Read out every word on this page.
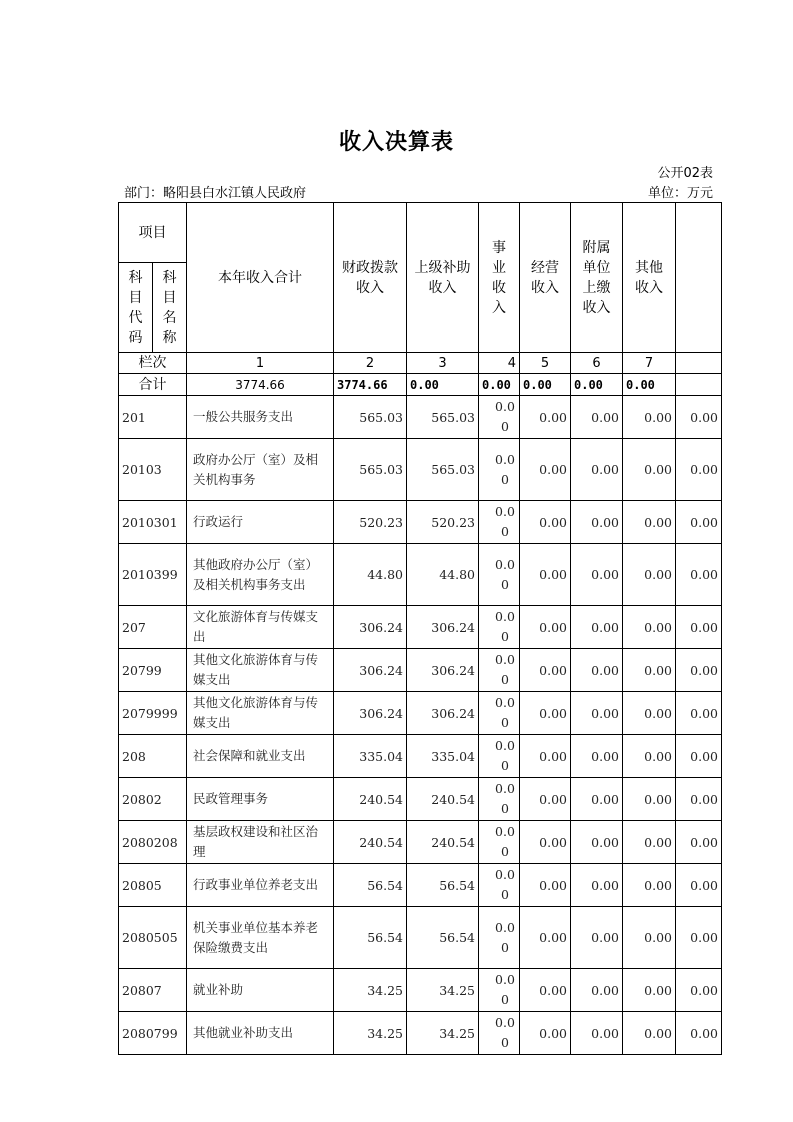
收入决算表
公开02表
部门：略阳县白水江镇人民政府	单位：万元
项目		本年收入合计	财政拨款收入	上级补助收入	事业收入	经营收入	附属单位上缴收入	其他收入	
科目代码	科目名称								
栏次		1	2	3	4	5	6	7	
合计		3774.66	3774.66	0.00	0.00	0.00	0.00	0.00	
201		一般公共服务支出	565.03	565.03	0.00	0.00	0.00	0.00	0.00
20103		政府办公厅（室）及相关机构事务	565.03	565.03	0.00	0.00	0.00	0.00	0.00
2010301		行政运行	520.23	520.23	0.00	0.00	0.00	0.00	0.00
2010399		其他政府办公厅（室）及相关机构事务支出	44.80	44.80	0.00	0.00	0.00	0.00	0.00
207		文化旅游体育与传媒支出	306.24	306.24	0.00	0.00	0.00	0.00	0.00
20799		其他文化旅游体育与传媒支出	306.24	306.24	0.00	0.00	0.00	0.00	0.00
2079999		其他文化旅游体育与传媒支出	306.24	306.24	0.00	0.00	0.00	0.00	0.00
208		社会保障和就业支出	335.04	335.04	0.00	0.00	0.00	0.00	0.00
20802		民政管理事务	240.54	240.54	0.00	0.00	0.00	0.00	0.00
2080208		基层政权建设和社区治理	240.54	240.54	0.00	0.00	0.00	0.00	0.00
20805		行政事业单位养老支出	56.54	56.54	0.00	0.00	0.00	0.00	0.00
2080505		机关事业单位基本养老保险缴费支出	56.54	56.54	0.00	0.00	0.00	0.00	0.00
20807		就业补助	34.25	34.25	0.00	0.00	0.00	0.00	0.00
2080799		其他就业补助支出	34.25	34.25	0.00	0.00	0.00	0.00	0.00
